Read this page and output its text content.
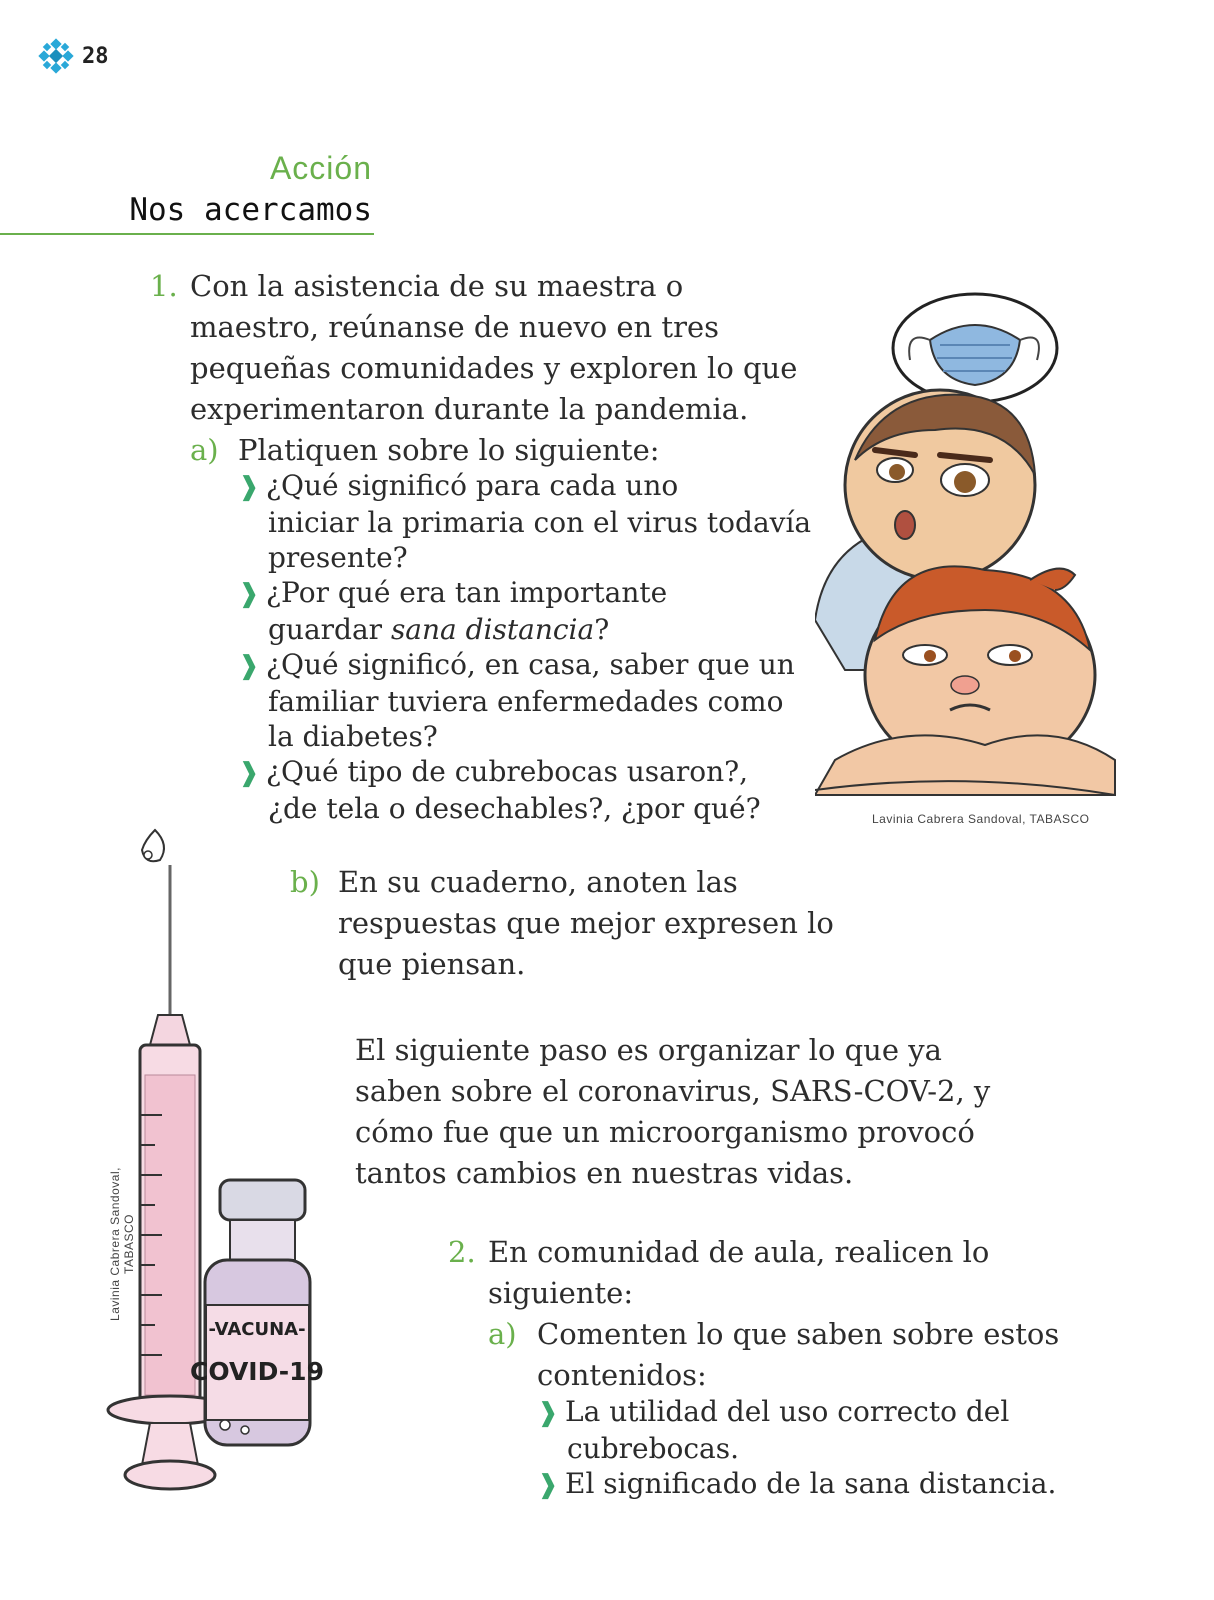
28
Acción
Nos acercamos
1. Con la asistencia de su maestra o
maestro, reúnanse de nuevo en tres
pequeñas comunidades y exploren lo que
experimentaron durante la pandemia.
a) Platiquen sobre lo siguiente:
❱ ¿Qué significó para cada uno
iniciar la primaria con el virus todavía
presente?
❱ ¿Por qué era tan importante
guardar sana distancia?
❱ ¿Qué significó, en casa, saber que un
familiar tuviera enfermedades como
la diabetes?
❱ ¿Qué tipo de cubrebocas usaron?,
¿de tela o desechables?, ¿por qué?	Lavinia Cabrera Sandoval, TABASCO
b) En su cuaderno, anoten las
respuestas que mejor expresen lo
que piensan.
El siguiente paso es organizar lo que ya
saben sobre el coronavirus, SARS-COV-2, y
cómo fue que un microorganismo provocó
tantos cambios en nuestras vidas.
2. En comunidad de aula, realicen lo
siguiente:
a) Comenten lo que saben sobre estos
contenidos:
❱ La utilidad del uso correcto del
cubrebocas.
❱ El significado de la sana distancia.
-VACUNA-
COVID-19
Lavinia Cabrera Sandoval, TABASCO
